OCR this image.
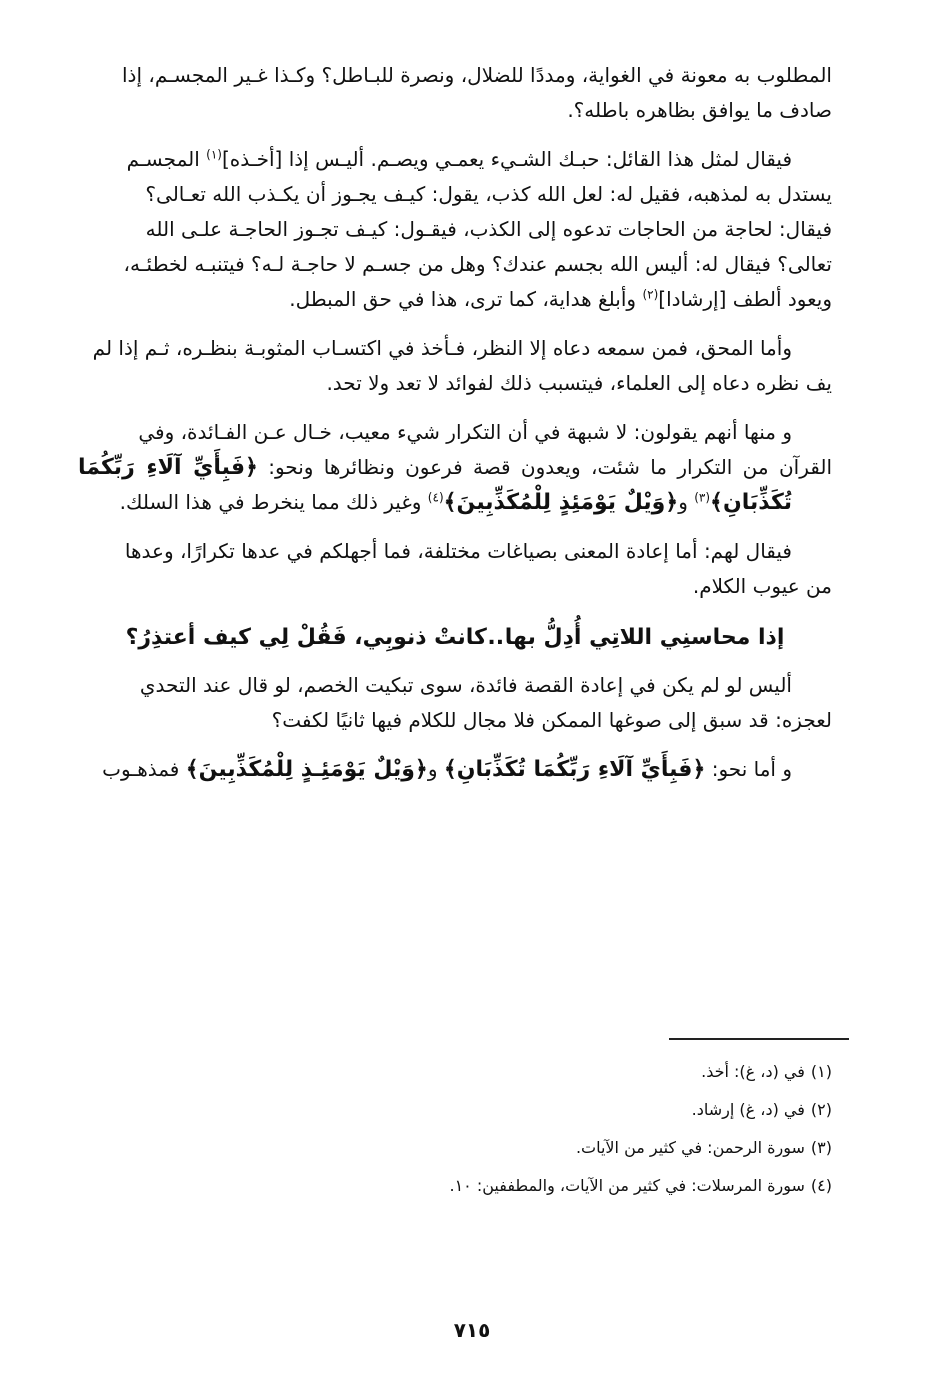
المطلوب به معونة في الغواية، ومددًا للضلال، ونصرة للبـاطل؟ وكـذا غـير المجسـم، إذا
صادف ما يوافق بظاهره باطله؟.

فيقال لمثل هذا القائل: حبـك الشـيء يعمـي ويصـم. أليـس إذا [أخـذه]$^{(١)}$ المجسـم
يستدل به لمذهبه، فقيل له: لعل الله كذب، يقول: كيـف يجـوز أن يكـذب الله تعـالى؟
فيقال: لحاجة من الحاجات تدعوه إلى الكذب، فيقـول: كيـف تجـوز الحاجـة علـى الله
تعالى؟ فيقال له: أليس الله بجسم عندك؟ وهل من جسـم لا حاجـة لـه؟ فيتنبـه لخطئـه،
ويعود ألطف [إرشادا]$^{(٢)}$ وأبلغ هداية، كما ترى، هذا في حق المبطل.

وأما المحق، فمن سمعه دعاه إلا النظر، فـأخذ في اكتسـاب المثوبـة بنظـره، ثـم إذا لم
يف نظره دعاه إلى العلماء، فيتسبب ذلك لفوائد لا تعد ولا تحد.

و منها أنهم يقولون: لا شبهة في أن التكرار شيء معيب، خـال عـن الفـائدة، وفي
القرآن من التكرار ما شئت، ويعدون قصة فرعون ونظائرها ونحو: ﴿فَبِأَيِّ آلَاءِ رَبِّكُمَا تُكَذِّبَانِ﴾$^{(٣)}$ و﴿وَيْلٌ يَوْمَئِذٍ لِلْمُكَذِّبِينَ﴾$^{(٤)}$ وغير ذلك مما ينخرط في هذا السلك.

فيقال لهم: أما إعادة المعنى بصياغات مختلفة، فما أجهلكم في عدها تكرارًا، وعدها
من عيوب الكلام.

إذا محاسنِي اللاتِي أُدِلُّ بها..كانتْ ذنوبِي، فَقُلْ لِي كيف أعتذِرُ؟

أليس لو لم يكن في إعادة القصة فائدة، سوى تبكيت الخصم، لو قال عند التحدي
لعجزه: قد سبق إلى صوغها الممكن فلا مجال للكلام فيها ثانيًا لكفت؟

و أما نحو: ﴿فَبِأَيِّ آلَاءِ رَبِّكُمَا تُكَذِّبَانِ﴾ و﴿وَيْلٌ يَوْمَئِـذٍ لِلْمُكَذِّبِينَ﴾ فمذهـوب

(١)في (د، غ): أخذ.
(٢)في (د، غ) إرشاد.
(٣)سورة الرحمن: في كثير من الآيات.
(٤)سورة المرسلات: في كثير من الآيات، والمطففين: ١٠.
٧١٥
